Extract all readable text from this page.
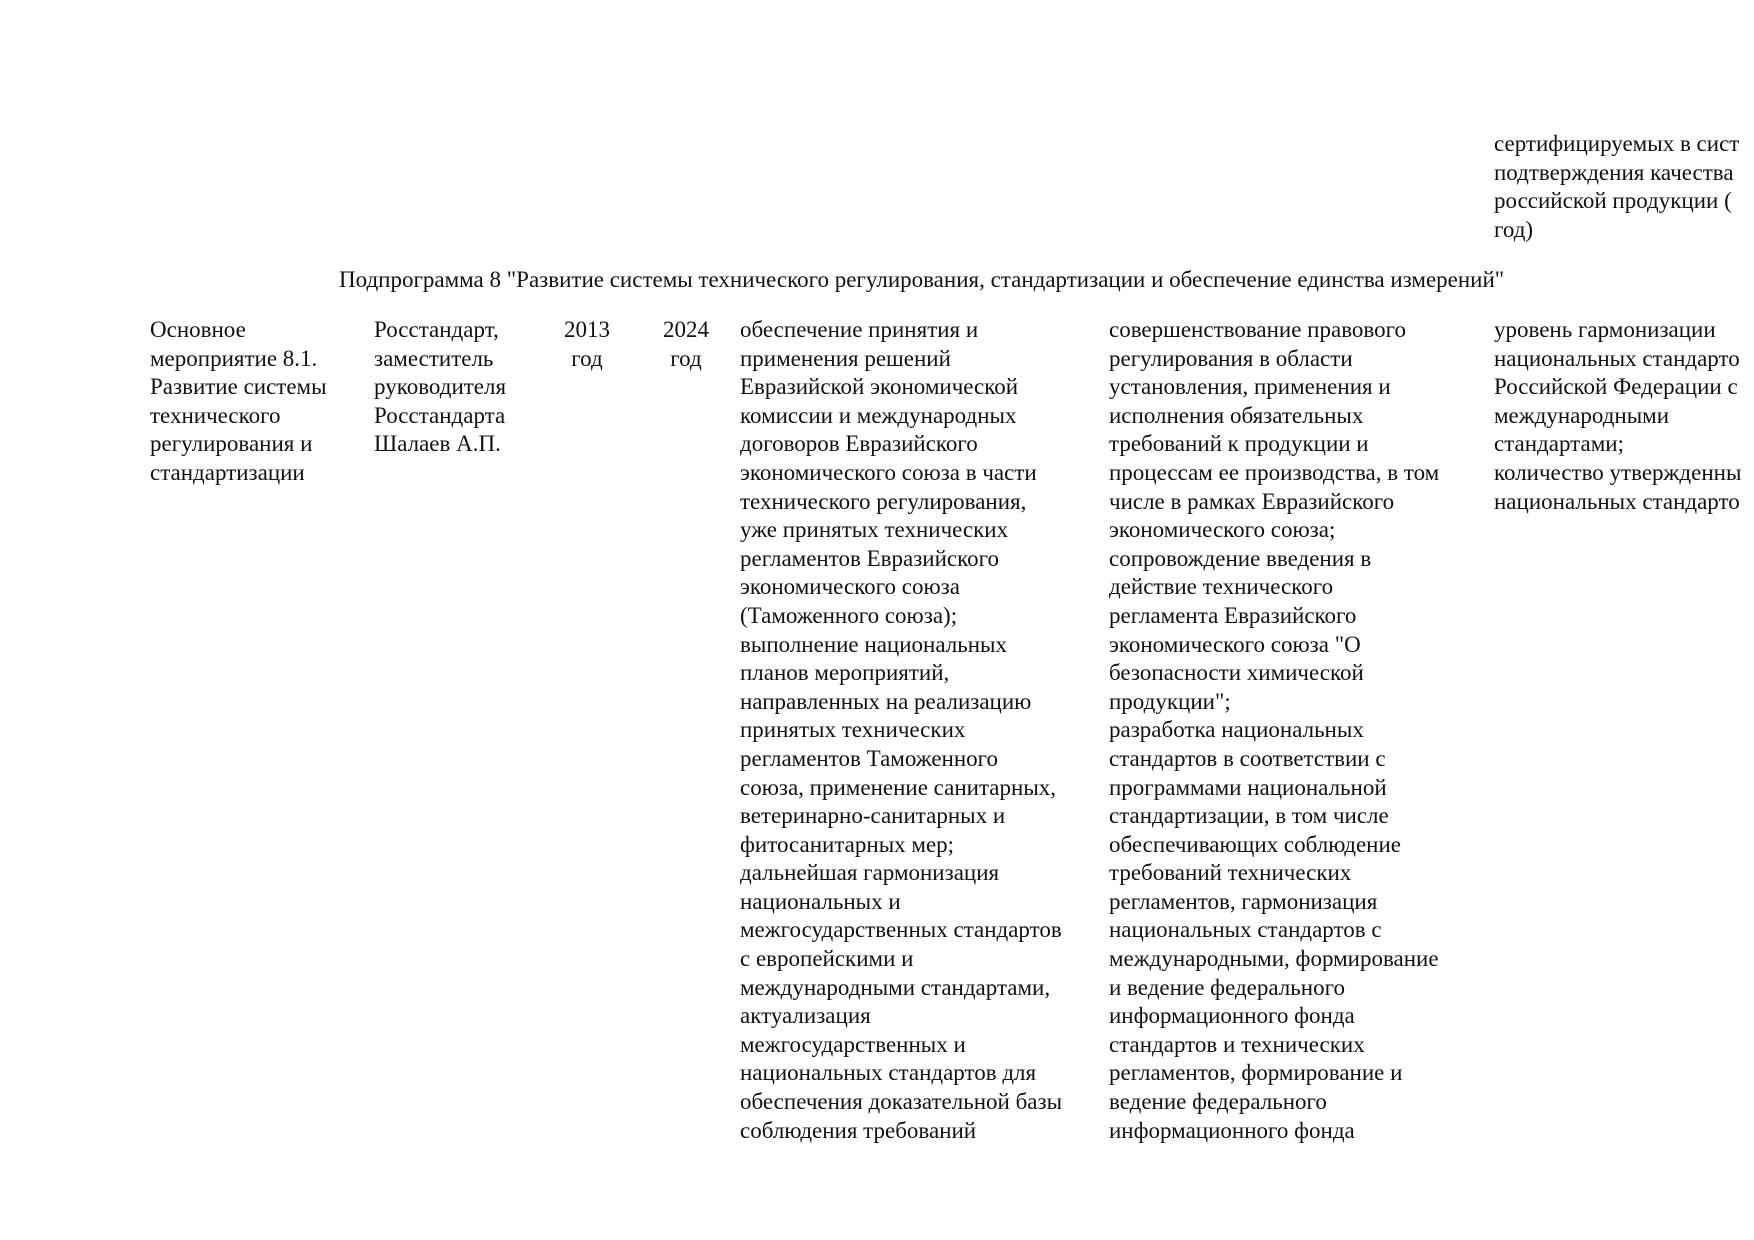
сертифицируемых в сист
подтверждения качества
российской продукции (
год)
Подпрограмма 8 "Развитие системы технического регулирования, стандартизации и обеспечение единства измерений"
Основное
мероприятие 8.1.
Развитие системы
технического
регулирования и
стандартизации
Росстандарт,
заместитель
руководителя
Росстандарта
Шалаев А.П.
2013
год
2024
год
обеспечение принятия и
применения решений
Евразийской экономической
комиссии и международных
договоров Евразийского
экономического союза в части
технического регулирования,
уже принятых технических
регламентов Евразийского
экономического союза
(Таможенного союза);
выполнение национальных
планов мероприятий,
направленных на реализацию
принятых технических
регламентов Таможенного
союза, применение санитарных,
ветеринарно-санитарных и
фитосанитарных мер;
дальнейшая гармонизация
национальных и
межгосударственных стандартов
с европейскими и
международными стандартами,
актуализация
межгосударственных и
национальных стандартов для
обеспечения доказательной базы
соблюдения требований
совершенствование правового
регулирования в области
установления, применения и
исполнения обязательных
требований к продукции и
процессам ее производства, в том
числе в рамках Евразийского
экономического союза;
сопровождение введения в
действие технического
регламента Евразийского
экономического союза "О
безопасности химической
продукции";
разработка национальных
стандартов в соответствии с
программами национальной
стандартизации, в том числе
обеспечивающих соблюдение
требований технических
регламентов, гармонизация
национальных стандартов с
международными, формирование
и ведение федерального
информационного фонда
стандартов и технических
регламентов, формирование и
ведение федерального
информационного фонда
уровень гармонизации
национальных стандарто
Российской Федерации с
международными
стандартами;
количество утвержденны
национальных стандарто
